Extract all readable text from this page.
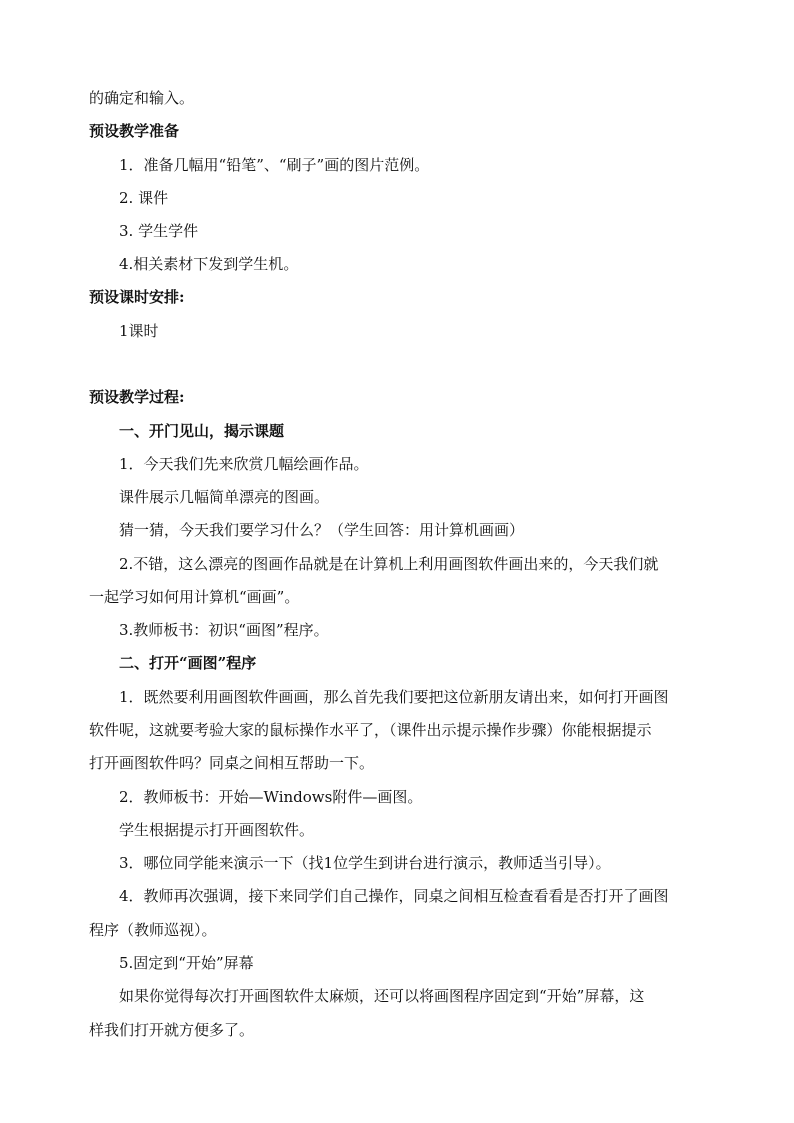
的确定和输入。
预设教学准备
1．准备几幅用“铅笔”、“刷子”画的图片范例。
2. 课件
3. 学生学件
4.相关素材下发到学生机。
预设课时安排:
1课时
预设教学过程:
一、开门见山，揭示课题
1．今天我们先来欣赏几幅绘画作品。
课件展示几幅简单漂亮的图画。
猜一猜，今天我们要学习什么？（学生回答：用计算机画画）
2.不错，这么漂亮的图画作品就是在计算机上利用画图软件画出来的，今天我们就
一起学习如何用计算机“画画”。
3.教师板书：初识“画图”程序。
二、打开“画图”程序
1．既然要利用画图软件画画，那么首先我们要把这位新朋友请出来，如何打开画图
软件呢，这就要考验大家的鼠标操作水平了，（课件出示提示操作步骤）你能根据提示
打开画图软件吗？同桌之间相互帮助一下。
2．教师板书：开始—Windows附件—画图。
学生根据提示打开画图软件。
3．哪位同学能来演示一下（找1位学生到讲台进行演示，教师适当引导）。
4．教师再次强调，接下来同学们自己操作，同桌之间相互检查看看是否打开了画图
程序（教师巡视）。
5.固定到“开始”屏幕
如果你觉得每次打开画图软件太麻烦，还可以将画图程序固定到“开始”屏幕，这
样我们打开就方便多了。
